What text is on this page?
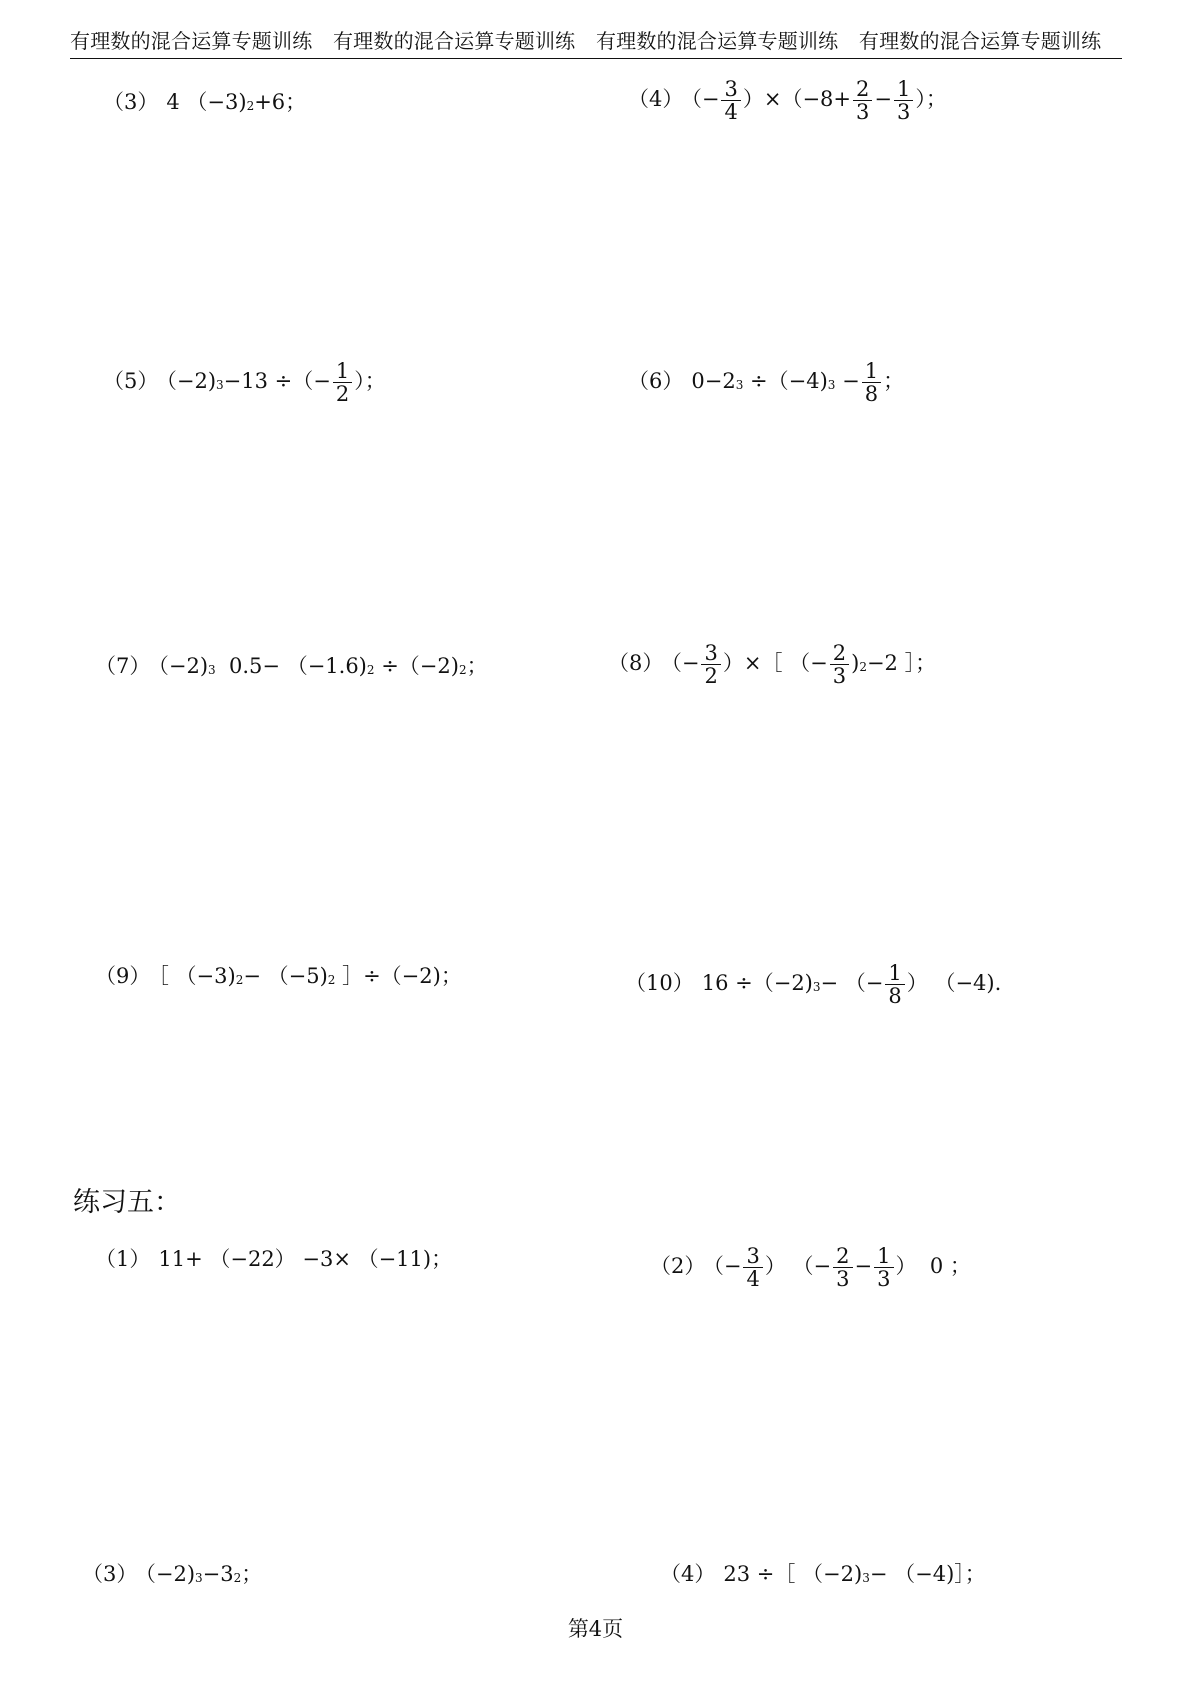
有理数的混合运算专题训练 有理数的混合运算专题训练 有理数的混合运算专题训练 有理数的混合运算专题训练
（3） 4 （−3)2+6；	（4） （− $\frac{3}{4} )\times(-8+ \frac{2}{3} - \frac{1}{3}$ ）；
（5） （−2)3−13 ÷（− $\frac{1}{2}$ ）；	（6） $0-23 \div(-4)3 - \frac{1}{8}$ ；
（7） （−2)3  0.5− （−1.6)2 ÷（−2)2；	（8） （− $\frac{3}{2}$ ）×［ （− $\frac{2}{3} )2-2$ ］；
（9） ［ （−3)2− （−5)2 ］÷（−2)；	（10） 16 ÷（−2)3− （− $\frac{1}{8}$ ） （−4).
练习五：
（1） 11+ （−22） −3× （−11)；	（2） （− $\frac{3}{4}$ ） （− $\frac{2}{3} - \frac{1}{3}$ ）  0 ；
（3） （−2)3−32；	（4） 23 ÷［ （−2)3− （−4)］；
第4页
